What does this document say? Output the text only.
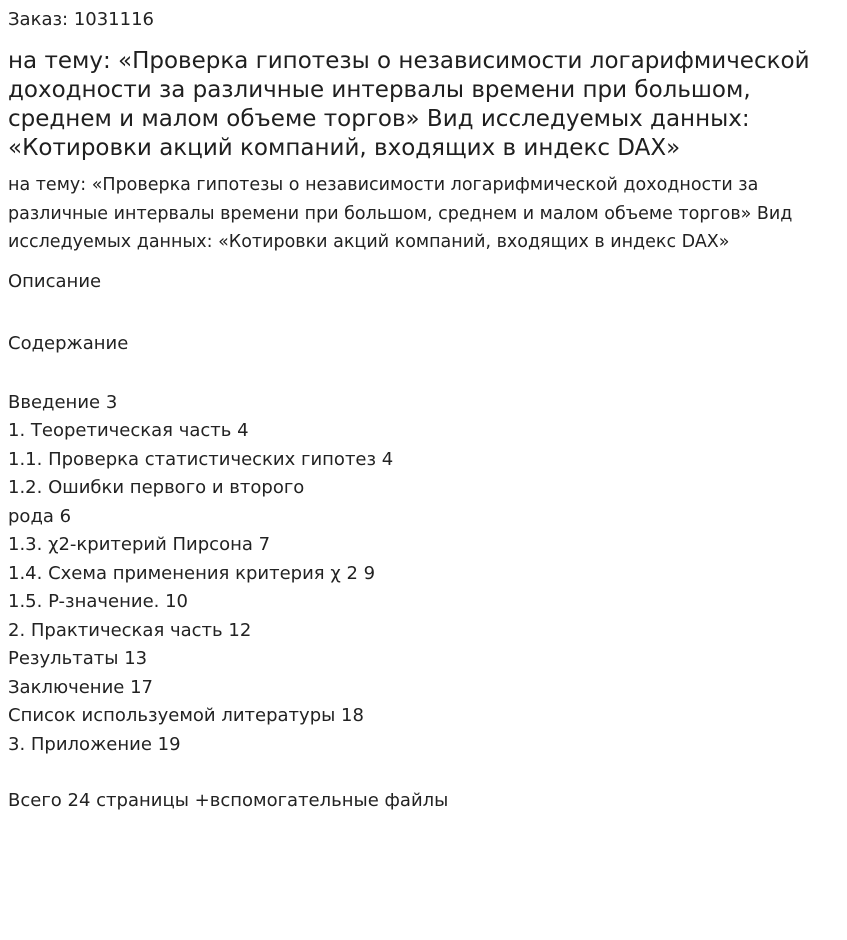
Заказ: 1031116
на тему: «Проверка гипотезы о независимости логарифмической доходности за различные интервалы времени при большом, среднем и малом объеме торгов» Вид исследуемых данных: «Котировки акций компаний, входящих в индекс DAX»
на тему: «Проверка гипотезы о независимости логарифмической доходности за различные интервалы времени при большом, среднем и малом объеме торгов» Вид исследуемых данных: «Котировки акций компаний, входящих в индекс DAX»
Описание
Содержание
Введение 3
1. Теоретическая часть 4
1.1. Проверка статистических гипотез 4
1.2. Ошибки первого и второго рода 6
1.3. χ2-критерий Пирсона 7
1.4. Схема применения критерия χ 2 9
1.5. P-значение. 10
2. Практическая часть 12
Результаты 13
Заключение 17
Список используемой литературы 18
3. Приложение 19
Всего 24 страницы +вспомогательные файлы
